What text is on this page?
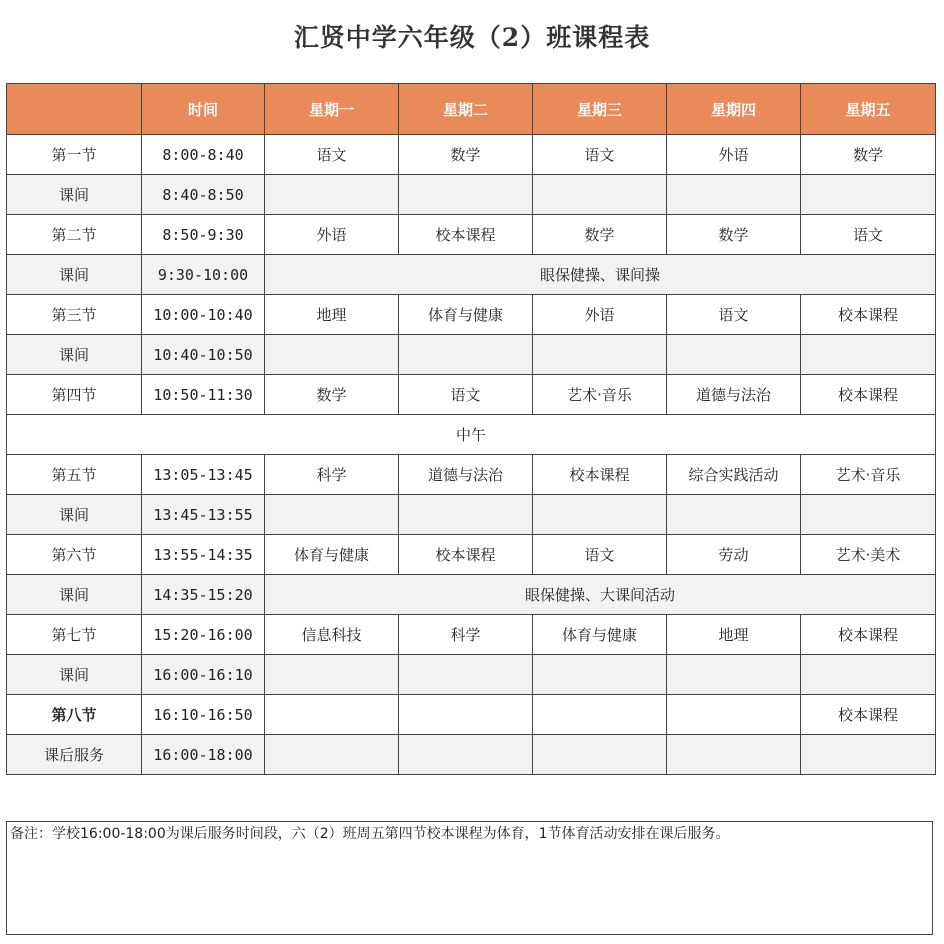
汇贤中学六年级（2）班课程表
	时间	星期一	星期二	星期三	星期四	星期五
第一节	8:00-8:40	语文	数学	语文	外语	数学
课间	8:40-8:50					
第二节	8:50-9:30	外语	校本课程	数学	数学	语文
课间	9:30-10:00	眼保健操、课间操				
第三节	10:00-10:40	地理	体育与健康	外语	语文	校本课程
课间	10:40-10:50					
第四节	10:50-11:30	数学	语文	艺术·音乐	道德与法治	校本课程
中午						
第五节	13:05-13:45	科学	道德与法治	校本课程	综合实践活动	艺术·音乐
课间	13:45-13:55					
第六节	13:55-14:35	体育与健康	校本课程	语文	劳动	艺术·美术
课间	14:35-15:20	眼保健操、大课间活动				
第七节	15:20-16:00	信息科技	科学	体育与健康	地理	校本课程
课间	16:00-16:10					
第八节	16:10-16:50					校本课程
课后服务	16:00-18:00					
备注：学校16:00-18:00为课后服务时间段，六（2）班周五第四节校本课程为体育，1节体育活动安排在课后服务。
